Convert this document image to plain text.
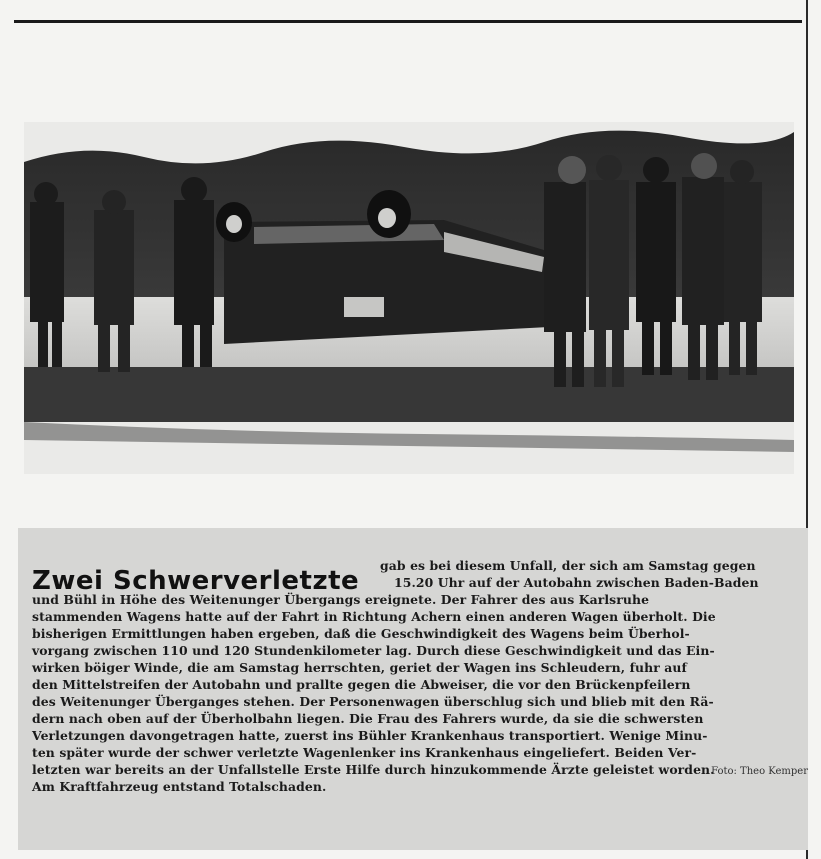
Zwei Schwerverletzte
gab es bei diesem Unfall, der sich am Samstag gegen
15.20 Uhr auf der Autobahn zwischen Baden-Baden
und Bühl in Höhe des Weitenunger Übergangs ereignete. Der Fahrer des aus Karlsruhe
stammenden Wagens hatte auf der Fahrt in Richtung Achern einen anderen Wagen überholt. Die
bisherigen Ermittlungen haben ergeben, daß die Geschwindigkeit des Wagens beim Überhol-
vorgang zwischen 110 und 120 Stundenkilometer lag. Durch diese Geschwindigkeit und das Ein-
wirken böiger Winde, die am Samstag herrschten, geriet der Wagen ins Schleudern, fuhr auf
den Mittelstreifen der Autobahn und prallte gegen die Abweiser, die vor den Brückenpfeilern
des Weitenunger Überganges stehen. Der Personenwagen überschlug sich und blieb mit den Rä-
dern nach oben auf der Überholbahn liegen. Die Frau des Fahrers wurde, da sie die schwersten
Verletzungen davongetragen hatte, zuerst ins Bühler Krankenhaus transportiert. Wenige Minu-
ten später wurde der schwer verletzte Wagenlenker ins Krankenhaus eingeliefert. Beiden Ver-
letzten war bereits an der Unfallstelle Erste Hilfe durch hinzukommende Ärzte geleistet worden.
Am Kraftfahrzeug entstand Totalschaden.
Foto: Theo Kemper
